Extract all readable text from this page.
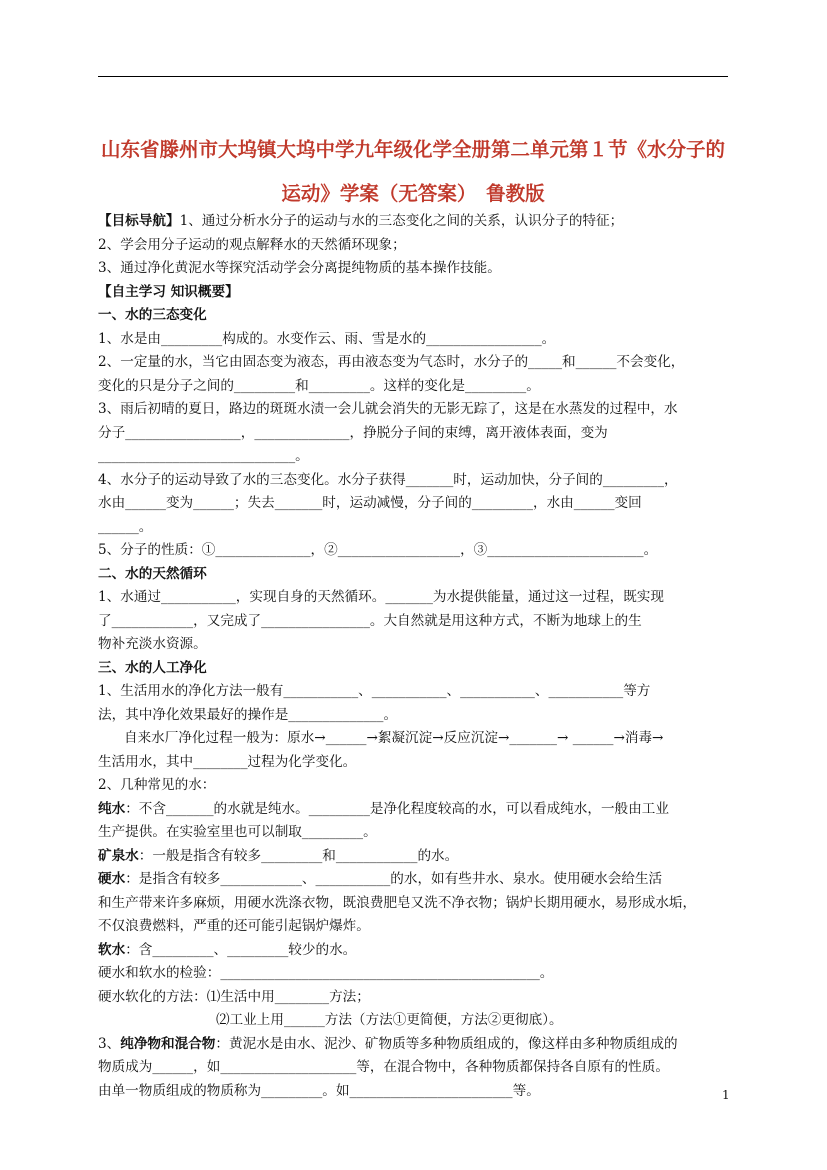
山东省滕州市大坞镇大坞中学九年级化学全册第二单元第１节《水分子的
运动》学案（无答案）　鲁教版
【目标导航】1、通过分析水分子的运动与水的三态变化之间的关系，认识分子的特征；
2、学会用分子运动的观点解释水的天然循环现象；
3、通过净化黄泥水等探究活动学会分离提纯物质的基本操作技能。
【自主学习 知识概要】
一、水的三态变化
1、水是由_________构成的。水变作云、雨、雪是水的_________________。
2、一定量的水，当它由固态变为液态，再由液态变为气态时，水分子的_____和______不会变化，
变化的只是分子之间的_________和_________。这样的变化是_________。
3、雨后初晴的夏日，路边的斑斑水渍一会儿就会消失的无影无踪了，这是在水蒸发的过程中，水
分子_________________，______________，挣脱分子间的束缚，离开液体表面，变为
_____________________________。
4、水分子的运动导致了水的三态变化。水分子获得_______时，运动加快，分子间的_________，
水由______变为______；失去_______时，运动减慢，分子间的_________，水由______变回
______。
5、分子的性质：①______________，②__________________，③_______________________。
二、水的天然循环
1、水通过___________，实现自身的天然循环。_______为水提供能量，通过这一过程，既实现
了____________，又完成了________________。大自然就是用这种方式，不断为地球上的生
物补充淡水资源。
三、水的人工净化
1、生活用水的净化方法一般有___________、___________、___________、___________等方
法，其中净化效果最好的操作是______________。
自来水厂净化过程一般为：原水→______→絮凝沉淀→反应沉淀→_______→ ______→消毒→
生活用水，其中________过程为化学变化。
2、几种常见的水：
纯水：不含_______的水就是纯水。_________是净化程度较高的水，可以看成纯水，一般由工业
生产提供。在实验室里也可以制取_________。
矿泉水：一般是指含有较多_________和____________的水。
硬水：是指含有较多____________、___________的水，如有些井水、泉水。使用硬水会给生活
和生产带来许多麻烦，用硬水洗涤衣物，既浪费肥皂又洗不净衣物；锅炉长期用硬水，易形成水垢，
不仅浪费燃料，严重的还可能引起锅炉爆炸。
软水：含_________、_________较少的水。
硬水和软水的检验：_______________________________________________。
硬水软化的方法：⑴生活中用________方法；
⑵工业上用______方法（方法①更简便，方法②更彻底）。
3、纯净物和混合物：黄泥水是由水、泥沙、矿物质等多种物质组成的，像这样由多种物质组成的
物质成为______，如____________________等，在混合物中，各种物质都保持各自原有的性质。
由单一物质组成的物质称为_________。如________________________等。	1
